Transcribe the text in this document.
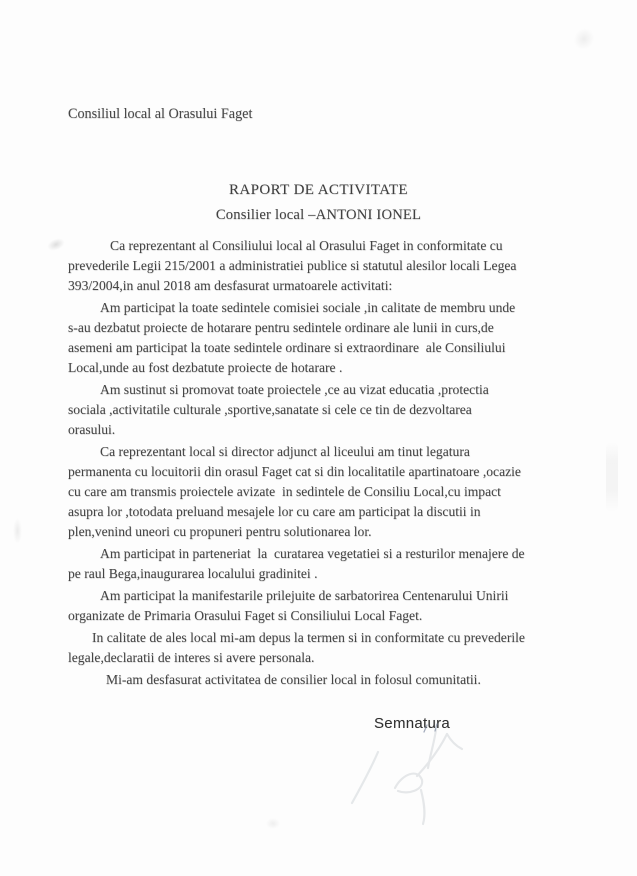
Consiliul local al Orasului Faget
RAPORT DE ACTIVITATE
Consilier local –ANTONI IONEL
Ca reprezentant al Consiliului local al Orasului Faget in conformitate cu
prevederile Legii 215/2001 a administratiei publice si statutul alesilor locali Legea
393/2004,in anul 2018 am desfasurat urmatoarele activitati:
Am participat la toate sedintele comisiei sociale ,in calitate de membru unde
s-au dezbatut proiecte de hotarare pentru sedintele ordinare ale lunii in curs,de
asemeni am participat la toate sedintele ordinare si extraordinare  ale Consiliului
Local,unde au fost dezbatute proiecte de hotarare .
Am sustinut si promovat toate proiectele ,ce au vizat educatia ,protectia
sociala ,activitatile culturale ,sportive,sanatate si cele ce tin de dezvoltarea
orasului.
Ca reprezentant local si director adjunct al liceului am tinut legatura
permanenta cu locuitorii din orasul Faget cat si din localitatile apartinatoare ,ocazie
cu care am transmis proiectele avizate  in sedintele de Consiliu Local,cu impact
asupra lor ,totodata preluand mesajele lor cu care am participat la discutii in
plen,venind uneori cu propuneri pentru solutionarea lor.
Am participat in parteneriat  la  curatarea vegetatiei si a resturilor menajere de
pe raul Bega,inaugurarea localului gradinitei .
Am participat la manifestarile prilejuite de sarbatorirea Centenarului Unirii
organizate de Primaria Orasului Faget si Consiliului Local Faget.
In calitate de ales local mi-am depus la termen si in conformitate cu prevederile
legale,declaratii de interes si avere personala.
Mi-am desfasurat activitatea de consilier local in folosul comunitatii.
Semnatura
